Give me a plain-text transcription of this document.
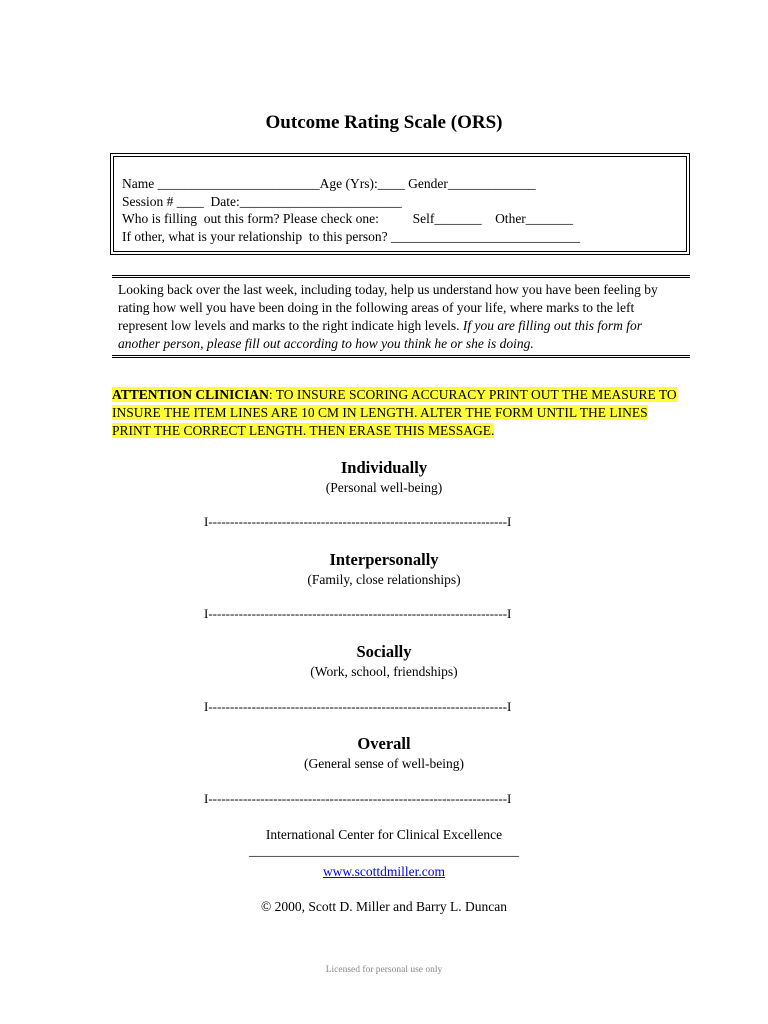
Outcome Rating Scale (ORS)
Name ________________________Age (Yrs):____ Gender_____________
Session # ____  Date:________________________
Who is filling  out this form? Please check one:          Self_______    Other_______
If other, what is your relationship  to this person? ____________________________
Looking back over the last week, including today, help us understand how you have been feeling by rating how well you have been doing in the following areas of your life, where marks to the left represent low levels and marks to the right indicate high levels. If you are filling out this form for another person, please fill out according to how you think he or she is doing.
ATTENTION CLINICIAN: TO INSURE SCORING ACCURACY PRINT OUT THE MEASURE TO INSURE THE ITEM LINES ARE 10 CM IN LENGTH. ALTER THE FORM UNTIL THE LINES PRINT THE CORRECT LENGTH. THEN ERASE THIS MESSAGE.
Individually
(Personal well-being)
I---------------------------------------------------------------------I
Interpersonally
(Family, close relationships)
I---------------------------------------------------------------------I
Socially
(Work, school, friendships)
I---------------------------------------------------------------------I
Overall
(General sense of well-being)
I---------------------------------------------------------------------I
International Center for Clinical Excellence
________________________________________
www.scottdmiller.com
© 2000, Scott D. Miller and Barry L. Duncan
Licensed for personal use only
